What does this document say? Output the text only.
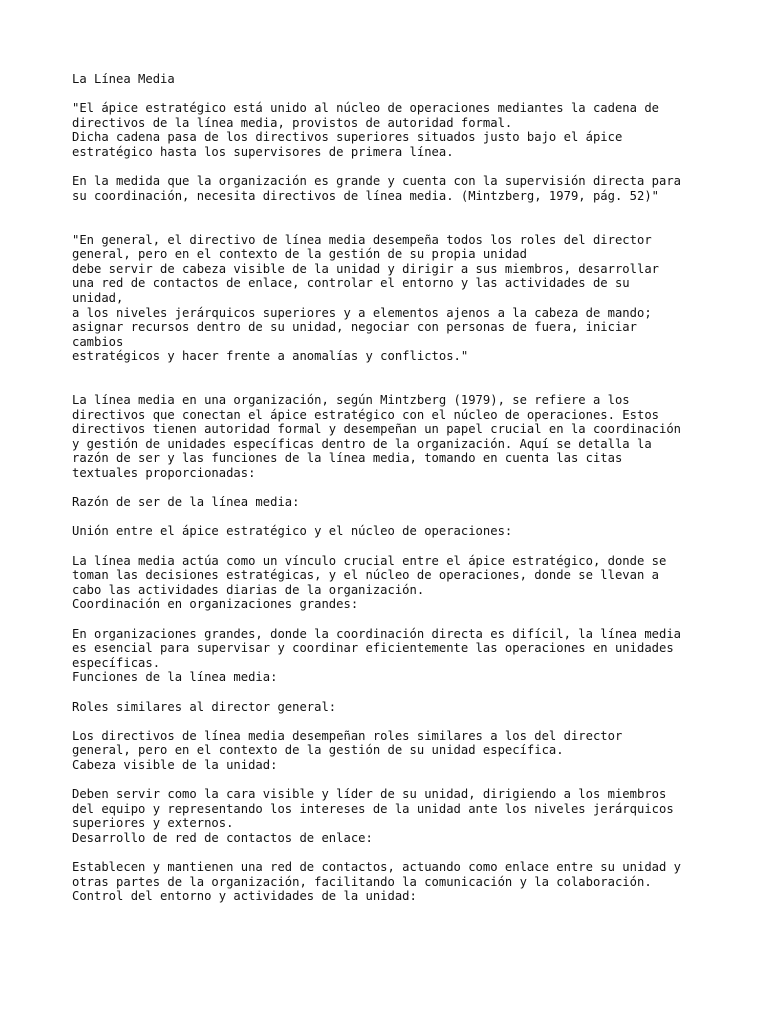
La Línea Media
"El ápice estratégico está unido al núcleo de operaciones mediantes la cadena de
directivos de la línea media, provistos de autoridad formal.
Dicha cadena pasa de los directivos superiores situados justo bajo el ápice
estratégico hasta los supervisores de primera línea.
En la medida que la organización es grande y cuenta con la supervisión directa para
su coordinación, necesita directivos de línea media. (Mintzberg, 1979, pág. 52)"
"En general, el directivo de línea media desempeña todos los roles del director
general, pero en el contexto de la gestión de su propia unidad
debe servir de cabeza visible de la unidad y dirigir a sus miembros, desarrollar
una red de contactos de enlace, controlar el entorno y las actividades de su
unidad,
a los niveles jerárquicos superiores y a elementos ajenos a la cabeza de mando;
asignar recursos dentro de su unidad, negociar con personas de fuera, iniciar
cambios
estratégicos y hacer frente a anomalías y conflictos."
La línea media en una organización, según Mintzberg (1979), se refiere a los
directivos que conectan el ápice estratégico con el núcleo de operaciones. Estos
directivos tienen autoridad formal y desempeñan un papel crucial en la coordinación
y gestión de unidades específicas dentro de la organización. Aquí se detalla la
razón de ser y las funciones de la línea media, tomando en cuenta las citas
textuales proporcionadas:
Razón de ser de la línea media:
Unión entre el ápice estratégico y el núcleo de operaciones:
La línea media actúa como un vínculo crucial entre el ápice estratégico, donde se
toman las decisiones estratégicas, y el núcleo de operaciones, donde se llevan a
cabo las actividades diarias de la organización.
Coordinación en organizaciones grandes:
En organizaciones grandes, donde la coordinación directa es difícil, la línea media
es esencial para supervisar y coordinar eficientemente las operaciones en unidades
específicas.
Funciones de la línea media:
Roles similares al director general:
Los directivos de línea media desempeñan roles similares a los del director
general, pero en el contexto de la gestión de su unidad específica.
Cabeza visible de la unidad:
Deben servir como la cara visible y líder de su unidad, dirigiendo a los miembros
del equipo y representando los intereses de la unidad ante los niveles jerárquicos
superiores y externos.
Desarrollo de red de contactos de enlace:
Establecen y mantienen una red de contactos, actuando como enlace entre su unidad y
otras partes de la organización, facilitando la comunicación y la colaboración.
Control del entorno y actividades de la unidad:
